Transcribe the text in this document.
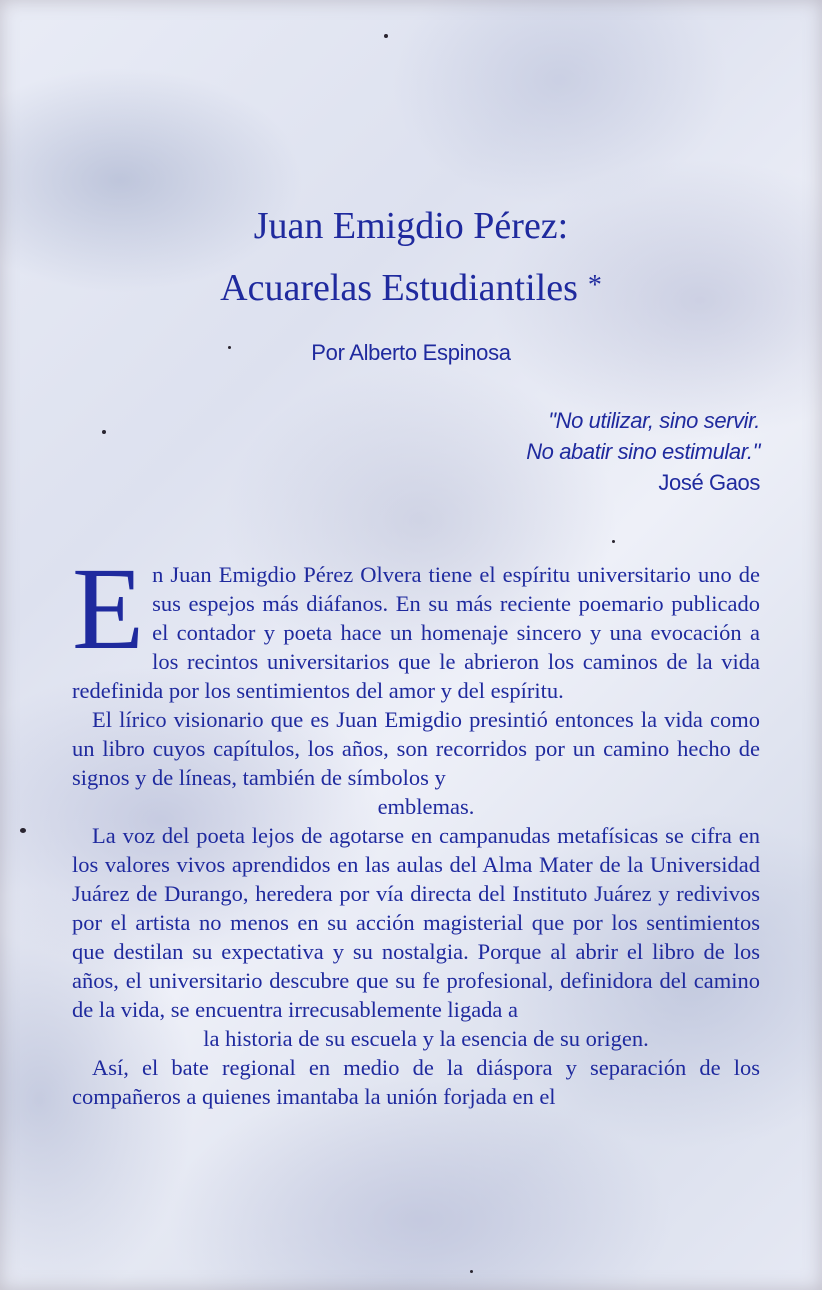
Juan Emigdio Pérez:
Acuarelas Estudiantiles *
Por Alberto Espinosa
"No utilizar, sino servir.
No abatir sino estimular."
José Gaos

En Juan Emigdio Pérez Olvera tiene el espíritu universitario uno de sus espejos más diáfanos. En su más reciente poemario publicado el contador y poeta hace un homenaje sincero y una evocación a los recintos universitarios que le abrieron los caminos de la vida redefinida por los sentimientos del amor y del espíritu.

El lírico visionario que es Juan Emigdio presintió entonces la vida como un libro cuyos capítulos, los años, son recorridos por un camino hecho de signos y de líneas, también de símbolos y
emblemas.

La voz del poeta lejos de agotarse en campanudas metafísicas se cifra en los valores vivos aprendidos en las aulas del Alma Mater de la Universidad Juárez de Durango, heredera por vía directa del Instituto Juárez y redivivos por el artista no menos en su acción magisterial que por los sentimientos que destilan su expectativa y su nostalgia. Porque al abrir el libro de los años, el universitario descubre que su fe profesional, definidora del camino de la vida, se encuentra irrecusablemente ligada a
la historia de su escuela y la esencia de su origen.

Así, el bate regional en medio de la diáspora y separación de los compañeros a quienes imantaba la unión forjada en el
